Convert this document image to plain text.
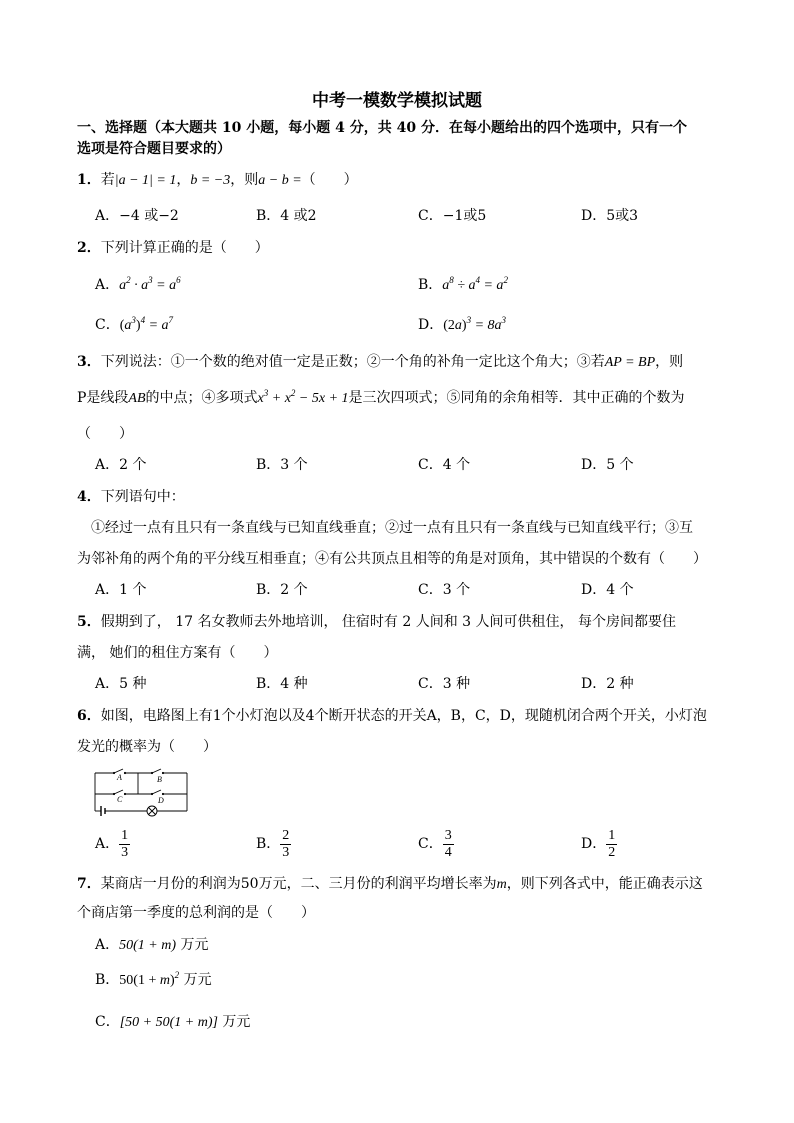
中考一模数学模拟试题
一、选择题（本大题共 10 小题，每小题 4 分，共 40 分．在每小题给出的四个选项中，只有一个
选项是符合题目要求的）
1．若|a − 1| = 1，b = −3，则a − b =（　　）
A．−4 或−2	B．4 或2	C．−1或5	D．5或3
2．下列计算正确的是（　　）
A．$a^2 \cdot a^3 = a^6$	B．$a^8 \div a^4 = a^2$
C．$(a^3)^4 = a^7$	D．$(2a)^3 = 8a^3$
3．下列说法：①一个数的绝对值一定是正数；②一个角的补角一定比这个角大；③若AP = BP，则
P是线段AB的中点；④多项式$x^3 + x^2 - 5x + 1$是三次四项式；⑤同角的余角相等．其中正确的个数为
（　　）
A．2 个	B．3 个	C．4 个	D．5 个
4．下列语句中：
①经过一点有且只有一条直线与已知直线垂直；②过一点有且只有一条直线与已知直线平行；③互
为邻补角的两个角的平分线互相垂直；④有公共顶点且相等的角是对顶角，其中错误的个数有（　　）
A．1 个	B．2 个	C．3 个	D．4 个
5．假期到了， 17 名女教师去外地培训， 住宿时有 2 人间和 3 人间可供租住， 每个房间都要住
满， 她们的租住方案有（　　）
A．5 种	B．4 种	C．3 种	D．2 种
6．如图，电路图上有1个小灯泡以及4个断开状态的开关A，B，C，D，现随机闭合两个开关，小灯泡
发光的概率为（　　）
A	B
C	D
A． $\frac{1}{3}$	B． $\frac{2}{3}$	C． $\frac{3}{4}$	D． $\frac{1}{2}$
7．某商店一月份的利润为50万元，二、三月份的利润平均增长率为m，则下列各式中，能正确表示这
个商店第一季度的总利润的是（　　）
A．50(1 + m) 万元
B．$50(1 + m)^2$ 万元
C．[50 + 50(1 + m)] 万元
